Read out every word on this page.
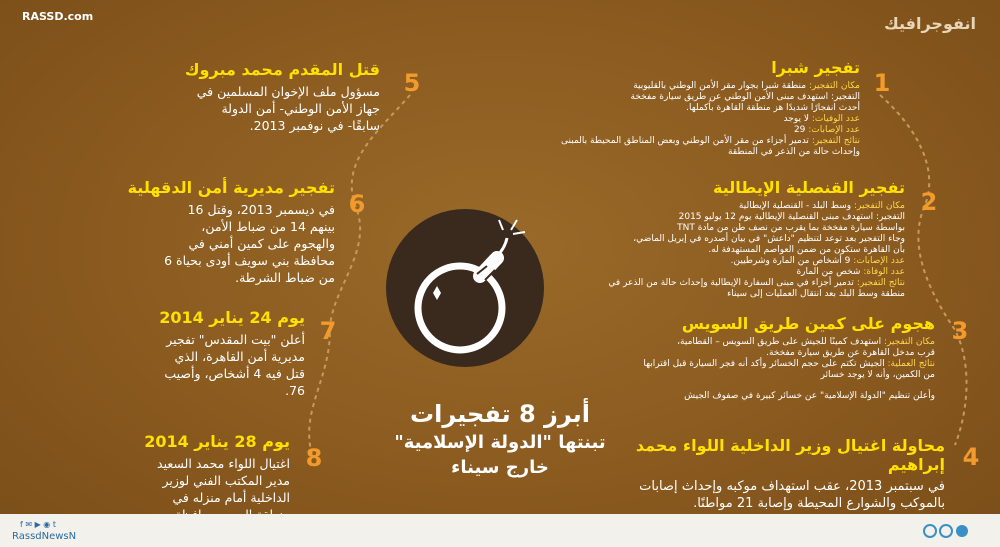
RASSD.com	انفوجرافيك
1
2
3
4
5
6
7
8
تفجير شبرا
مكان التفجير: منطقة شبرا بجوار مقر الأمن الوطني بالقليوبية
التفجير: استهدف مبنى الأمن الوطني عن طريق سيارة مفخخة
أحدث انفجارًا شديدًا هز منطقة القاهرة بأكملها.
عدد الوفيات: لا يوجد
عدد الإصابات: 29
نتائج التفجير: تدمير أجزاء من مقر الأمن الوطني وبعض المناطق المحيطة بالمبنى
وإحداث حالة من الذعر في المنطقة
تفجير القنصلية الإيطالية
مكان التفجير: وسط البلد - القنصلية الإيطالية
التفجير: استهدف مبنى القنصلية الإيطالية يوم 12 يوليو 2015
بواسطة سيارة مفخخة بما يقرب من نصف طن من مادة TNT
وجاء التفجير بعد توعد لتنظيم "داعش" في بيان أصدره في إبريل الماضي،
بأن القاهرة ستكون من ضمن العواصم المستهدفة له.
عدد الإصابات: 9 أشخاص من المارة وشرطيين.
عدد الوفاة: شخص من المارة
نتائج التفجير: تدمير أجزاء في مبنى السفارة الإيطالية وإحداث حالة من الذعر في
منطقة وسط البلد بعد انتقال العمليات إلى سيناء
هجوم على كمين طريق السويس
مكان التفجير: استهدف كمينًا للجيش على طريق السويس – القطامية،
قرب مدخل القاهرة عن طريق سيارة مفخخة.
نتائج العملية: الجيش تكتم على حجم الخسائر وأكد أنه فجر السيارة قبل اقترابها
من الكمين، وأنه لا يوجد خسائر
وأعلن تنظيم "الدولة الإسلامية" عن خسائر كبيرة في صفوف الجيش
محاولة اغتيال وزير الداخلية اللواء محمد إبراهيم
في سبتمبر 2013، عقب استهداف موكبه وإحداث إصابات بالموكب والشوارع المحيطة وإصابة 21 مواطنًا.
قتل المقدم محمد مبروك
مسؤول ملف الإخوان المسلمين في جهاز الأمن الوطني- أمن الدولة سابقًا- في نوفمبر 2013.
تفجير مديرية أمن الدقهلية
في ديسمبر 2013، وقتل 16 بينهم 14 من ضباط الأمن، والهجوم على كمين أمني في محافظة بني سويف أودى بحياة 6 من ضباط الشرطة.
يوم 24 يناير 2014
أعلن "بيت المقدس" تفجير مديرية أمن القاهرة، الذي قتل فيه 4 أشخاص، وأصيب 76.
يوم 28 يناير 2014
اغتيال اللواء محمد السعيد مدير المكتب الفني لوزير الداخلية أمام منزله في
أبرز 8 تفجيرات
تبنتها "الدولة الإسلامية"
خارج سيناء
f ✉ ▶ ◉ t
RassdNewsN
